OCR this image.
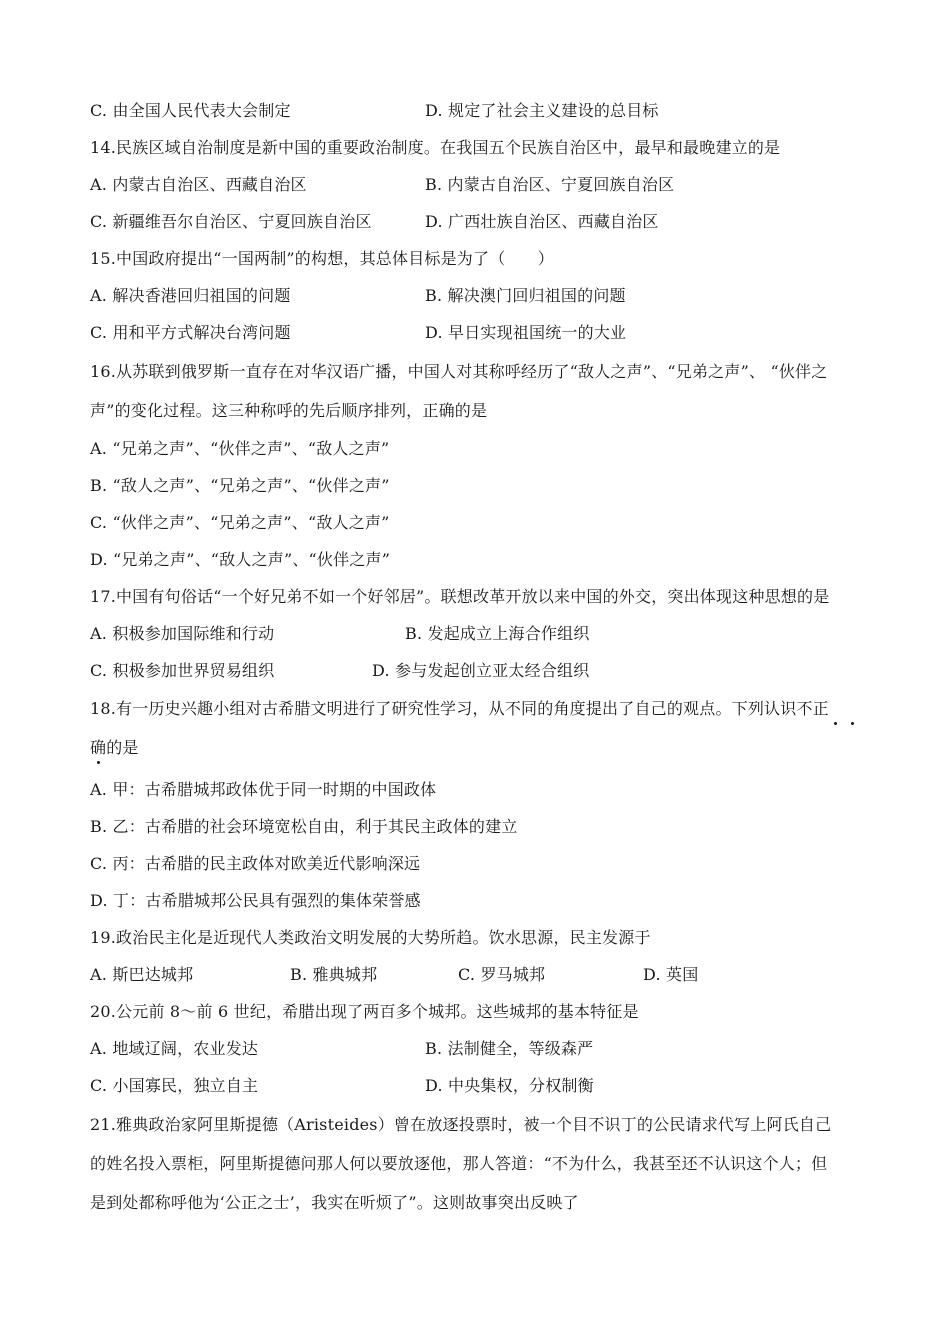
C. 由全国人民代表大会制定	D. 规定了社会主义建设的总目标
14.民族区域自治制度是新中国的重要政治制度。在我国五个民族自治区中，最早和最晚建立的是
A. 内蒙古自治区、西藏自治区	B. 内蒙古自治区、宁夏回族自治区
C. 新疆维吾尔自治区、宁夏回族自治区	D. 广西壮族自治区、西藏自治区
15.中国政府提出“一国两制”的构想，其总体目标是为了（　　）
A. 解决香港回归祖国的问题	B. 解决澳门回归祖国的问题
C. 用和平方式解决台湾问题	D. 早日实现祖国统一的大业
16.从苏联到俄罗斯一直存在对华汉语广播，中国人对其称呼经历了“敌人之声”、“兄弟之声”、 “伙伴之
声”的变化过程。这三种称呼的先后顺序排列，正确的是
A. “兄弟之声”、“伙伴之声”、“敌人之声”
B. “敌人之声”、“兄弟之声”、“伙伴之声”
C. “伙伴之声”、“兄弟之声”、“敌人之声”
D. “兄弟之声”、“敌人之声”、“伙伴之声”
17.中国有句俗话“一个好兄弟不如一个好邻居”。联想改革开放以来中国的外交，突出体现这种思想的是
A. 积极参加国际维和行动	B. 发起成立上海合作组织
C. 积极参加世界贸易组织	D. 参与发起创立亚太经合组织
18.有一历史兴趣小组对古希腊文明进行了研究性学习，从不同的角度提出了自己的观点。下列认识不正
确的是
A. 甲：古希腊城邦政体优于同一时期的中国政体
B. 乙：古希腊的社会环境宽松自由，利于其民主政体的建立
C. 丙：古希腊的民主政体对欧美近代影响深远
D. 丁：古希腊城邦公民具有强烈的集体荣誉感
19.政治民主化是近现代人类政治文明发展的大势所趋。饮水思源，民主发源于
A. 斯巴达城邦	B. 雅典城邦	C. 罗马城邦	D. 英国
20.公元前 8～前 6 世纪，希腊出现了两百多个城邦。这些城邦的基本特征是
A. 地域辽阔，农业发达	B. 法制健全，等级森严
C. 小国寡民，独立自主	D. 中央集权，分权制衡
21.雅典政治家阿里斯提德（Aristeides）曾在放逐投票时，被一个目不识丁的公民请求代写上阿氏自己
的姓名投入票柜，阿里斯提德问那人何以要放逐他，那人答道：“不为什么，我甚至还不认识这个人；但
是到处都称呼他为‘公正之士’，我实在听烦了”。这则故事突出反映了
